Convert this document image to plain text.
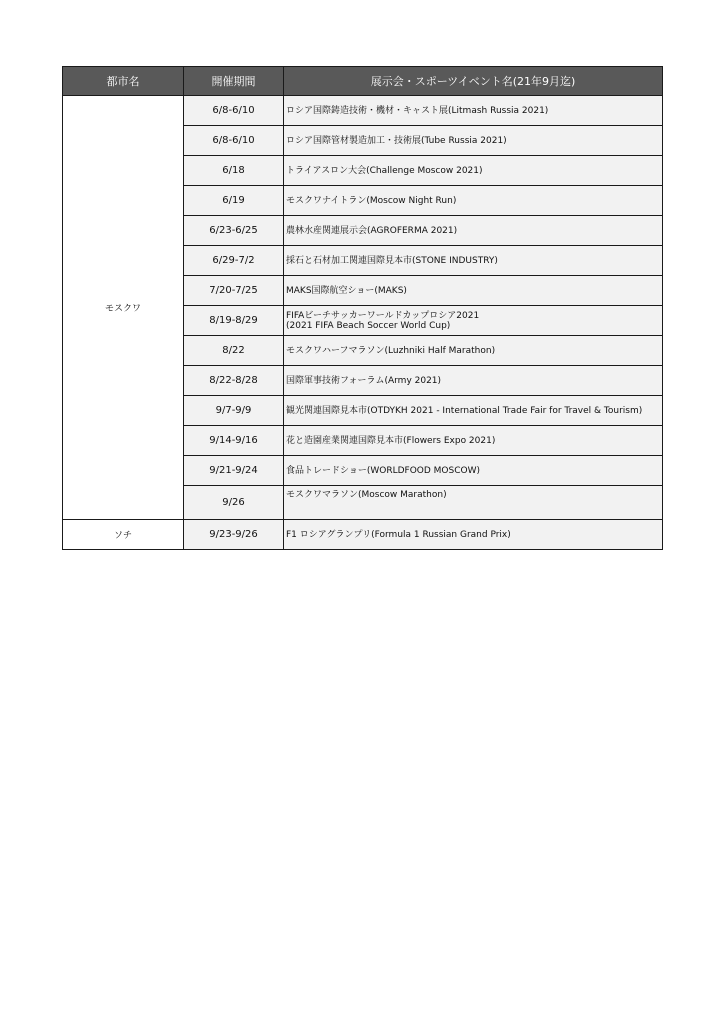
都市名	開催期間	展示会・スポーツイベント名(21年9月迄)
モスクワ	6/8-6/10	ロシア国際鋳造技術・機材・キャスト展(Litmash Russia 2021)

	6/8-6/10	ロシア国際管材製造加工・技術展(Tube Russia 2021)

	6/18	トライアスロン大会(Challenge Moscow 2021)

	6/19	モスクワナイトラン(Moscow Night Run)

	6/23-6/25	農林水産関連展示会(AGROFERMA 2021)

	6/29-7/2	採石と石材加工関連国際見本市(STONE INDUSTRY)

	7/20-7/25	MAKS国際航空ショー(MAKS)

	8/19-8/29	FIFAビーチサッカーワールドカップロシア2021
(2021 FIFA Beach Soccer World Cup)

	8/22	モスクワハーフマラソン(Luzhniki Half Marathon)

	8/22-8/28	国際軍事技術フォーラム(Army 2021)

	9/7-9/9	観光関連国際見本市(OTDYKH 2021 - International Trade Fair for Travel & Tourism)

	9/14-9/16	花と造園産業関連国際見本市(Flowers Expo 2021)

	9/21-9/24	食品トレードショー(WORLDFOOD MOSCOW)

	9/26	モスクワマラソン(Moscow Marathon)

ソチ	9/23-9/26	F1 ロシアグランプリ(Formula 1 Russian Grand Prix)
